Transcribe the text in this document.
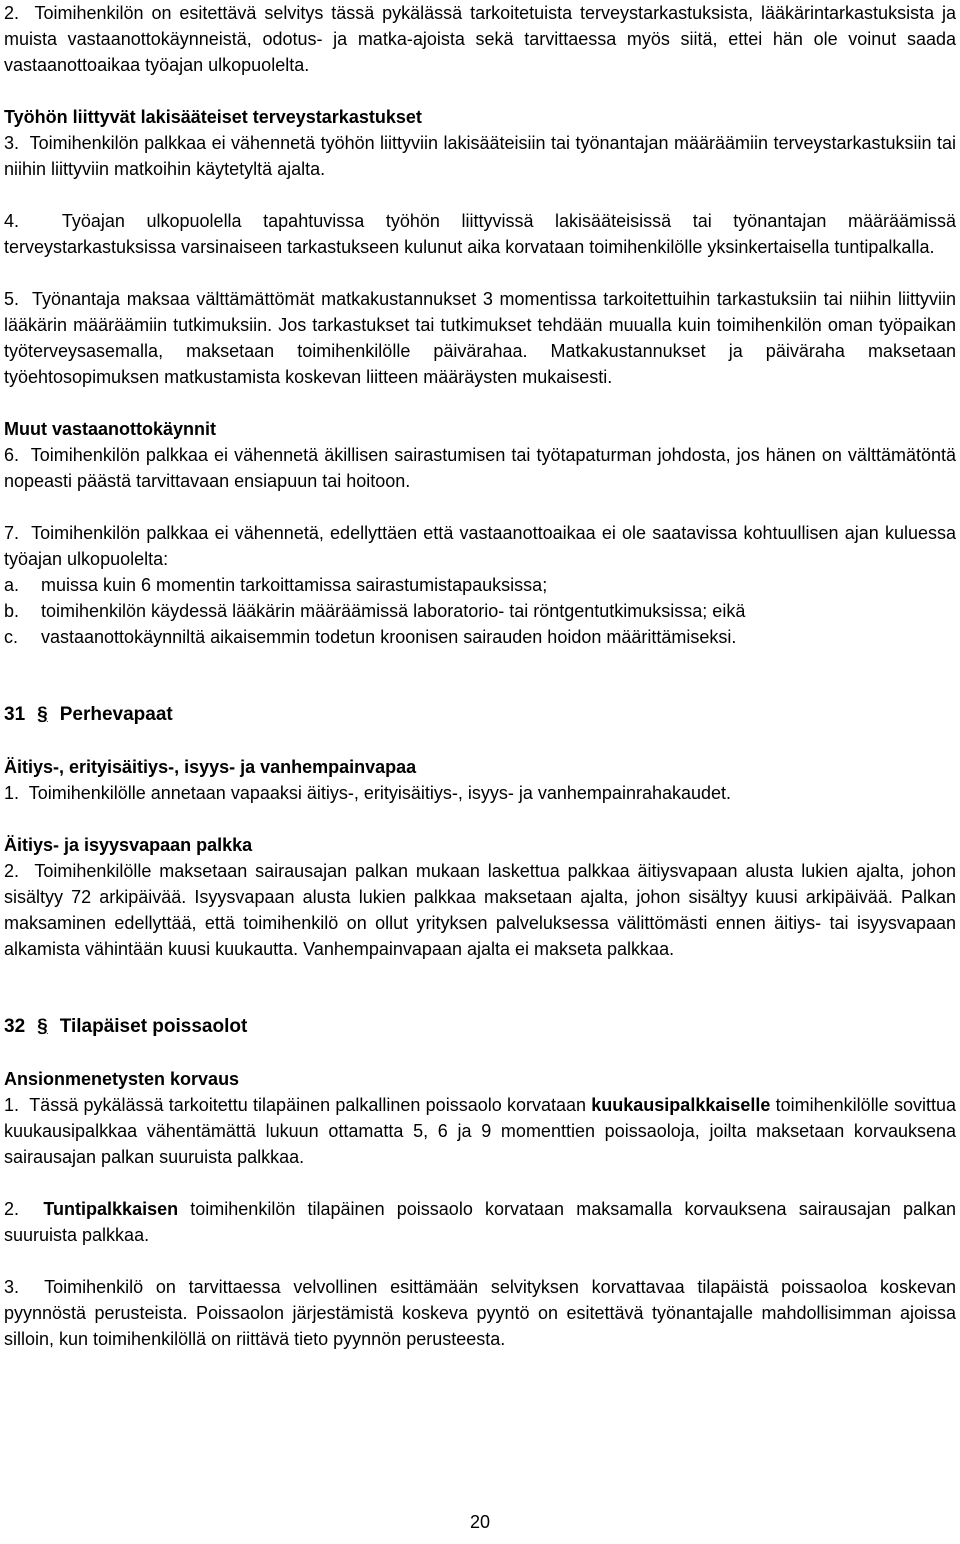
2.  Toimihenkilön on esitettävä selvitys tässä pykälässä tarkoitetuista terveystarkastuksista, lääkärintarkastuksista ja muista vastaanottokäynneistä, odotus- ja matka-ajoista sekä tarvittaessa myös siitä, ettei hän ole voinut saada vastaanottoaikaa työajan ulkopuolelta.

Työhön liittyvät lakisääteiset terveystarkastukset

3.  Toimihenkilön palkkaa ei vähennetä työhön liittyviin lakisääteisiin tai työnantajan määräämiin terveystarkastuksiin tai niihin liittyviin matkoihin käytetyltä ajalta.

4.  Työajan ulkopuolella tapahtuvissa työhön liittyvissä lakisääteisissä tai työnantajan määräämissä terveystarkastuksissa varsinaiseen tarkastukseen kulunut aika korvataan toimihenkilölle yksinkertaisella tuntipalkalla.

5.  Työnantaja maksaa välttämättömät matkakustannukset 3 momentissa tarkoitettuihin tarkastuksiin tai niihin liittyviin lääkärin määräämiin tutkimuksiin. Jos tarkastukset tai tutkimukset tehdään muualla kuin toimihenkilön oman työpaikan työterveysasemalla, maksetaan toimihenkilölle päivärahaa. Matkakustannukset ja päiväraha maksetaan työehtosopimuksen matkustamista koskevan liitteen määräysten mukaisesti.

Muut vastaanottokäynnit

6.  Toimihenkilön palkkaa ei vähennetä äkillisen sairastumisen tai työtapaturman johdosta, jos hänen on välttämätöntä nopeasti päästä tarvittavaan ensiapuun tai hoitoon.

7.  Toimihenkilön palkkaa ei vähennetä, edellyttäen että vastaanottoaikaa ei ole saatavissa kohtuullisen ajan kuluessa työajan ulkopuolelta:

a.	muissa kuin 6 momentin tarkoittamissa sairastumistapauksissa;
b.	toimihenkilön käydessä lääkärin määräämissä laboratorio- tai röntgentutkimuksissa; eikä
c.	vastaanottokäynniltä aikaisemmin todetun kroonisen sairauden hoidon määrittämiseksi.
31 § Perhevapaat
Äitiys-, erityisäitiys-, isyys- ja vanhempainvapaa

1.  Toimihenkilölle annetaan vapaaksi äitiys-, erityisäitiys-, isyys- ja vanhempainrahakaudet.

Äitiys- ja isyysvapaan palkka

2.  Toimihenkilölle maksetaan sairausajan palkan mukaan laskettua palkkaa äitiysvapaan alusta lukien ajalta, johon sisältyy 72 arkipäivää. Isyysvapaan alusta lukien palkkaa maksetaan ajalta, johon sisältyy kuusi arkipäivää. Palkan maksaminen edellyttää, että toimihenkilö on ollut yrityksen palveluksessa välittömästi ennen äitiys- tai isyysvapaan alkamista vähintään kuusi kuukautta. Vanhempainvapaan ajalta ei makseta palkkaa.

32 § Tilapäiset poissaolot
Ansionmenetysten korvaus

1.  Tässä pykälässä tarkoitettu tilapäinen palkallinen poissaolo korvataan kuukausipalkkaiselle toimihenkilölle sovittua kuukausipalkkaa vähentämättä lukuun ottamatta 5, 6 ja 9 momenttien poissaoloja, joilta maksetaan korvauksena sairausajan palkan suuruista palkkaa.

2.  Tuntipalkkaisen toimihenkilön tilapäinen poissaolo korvataan maksamalla korvauksena sairausajan palkan suuruista palkkaa.

3.  Toimihenkilö on tarvittaessa velvollinen esittämään selvityksen korvattavaa tilapäistä poissaoloa koskevan pyynnöstä perusteista. Poissaolon järjestämistä koskeva pyyntö on esitettävä työnantajalle mahdollisimman ajoissa silloin, kun toimihenkilöllä on riittävä tieto pyynnön perusteesta.

20
